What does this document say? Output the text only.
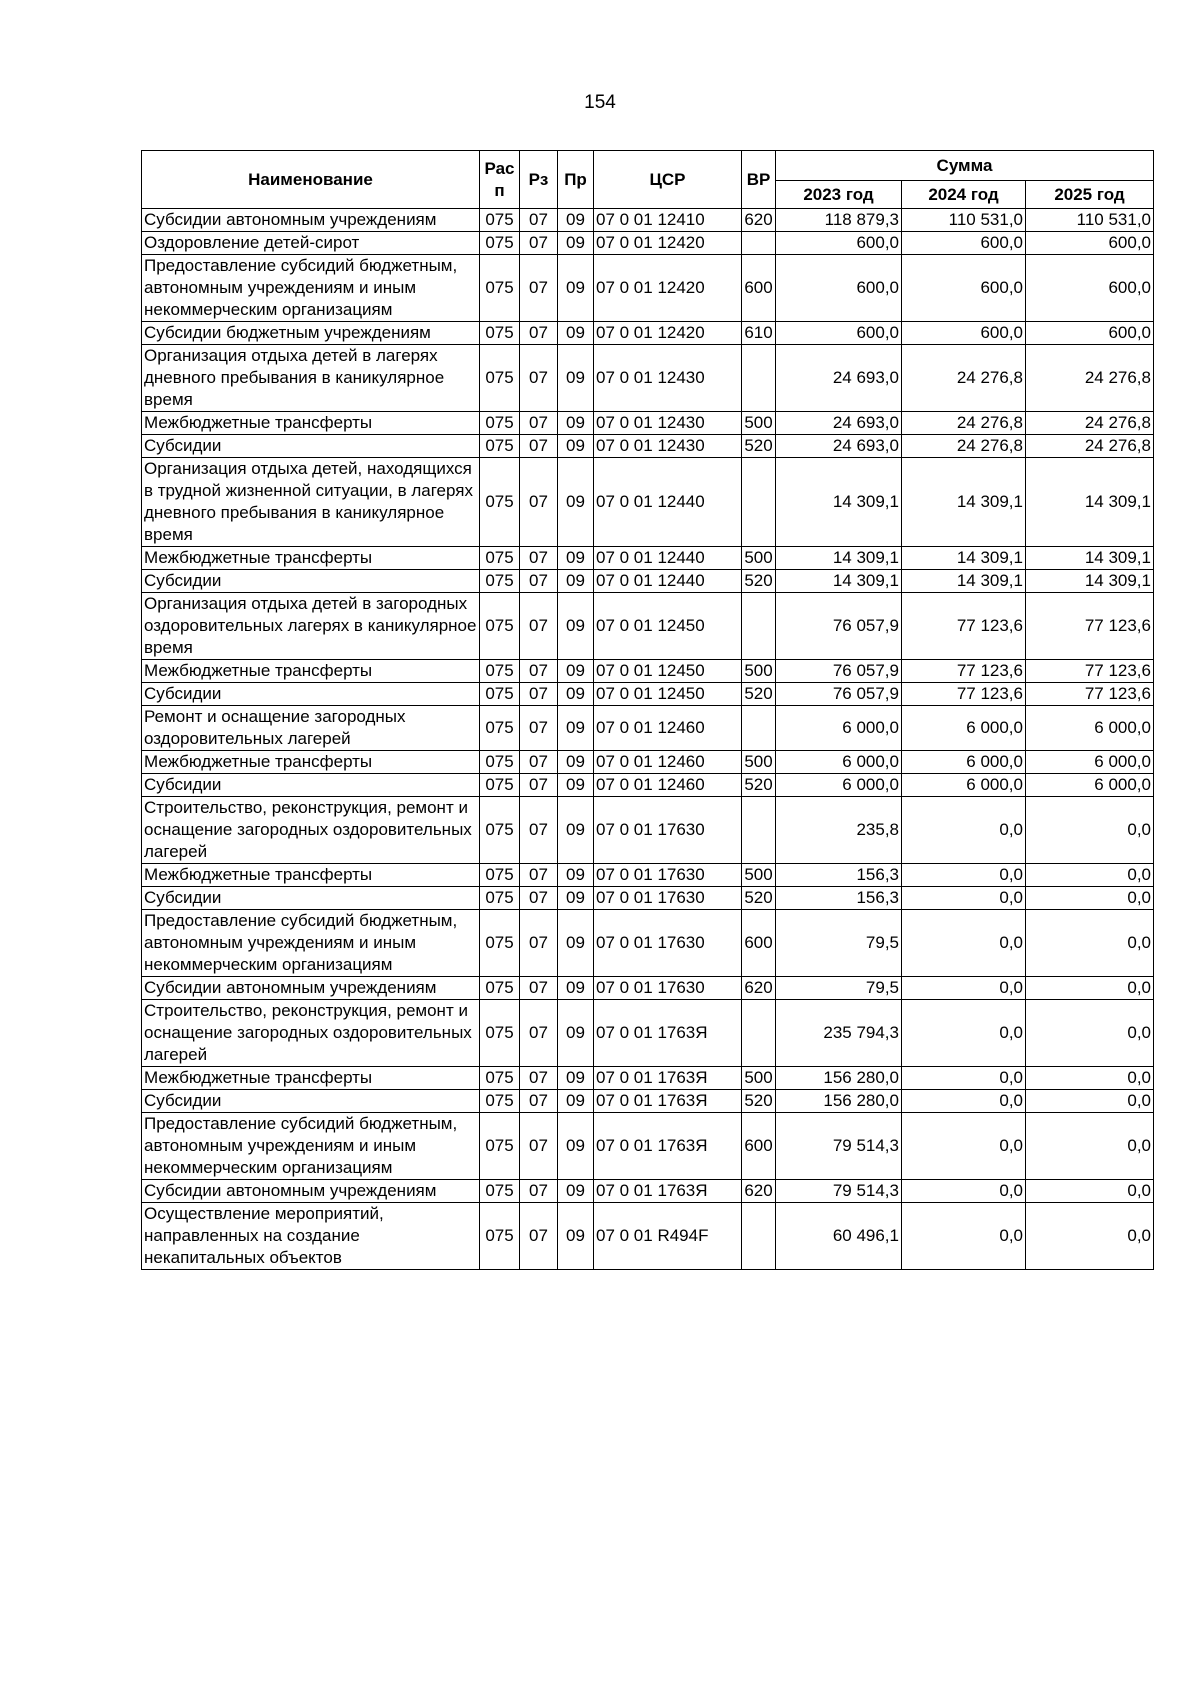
154
Наименование	Рас п	Рз	Пр	ЦСР	ВР	Сумма		
						2023 год	2024 год	2025 год
Субсидии автономным учреждениям	075	07	09	07 0 01 12410	620	118 879,3	110 531,0	110 531,0
Оздоровление детей-сирот	075	07	09	07 0 01 12420		600,0	600,0	600,0
Предоставление субсидий бюджетным, автономным учреждениям и иным некоммерческим организациям	075	07	09	07 0 01 12420	600	600,0	600,0	600,0
Субсидии бюджетным учреждениям	075	07	09	07 0 01 12420	610	600,0	600,0	600,0
Организация отдыха детей в лагерях дневного пребывания в каникулярное время	075	07	09	07 0 01 12430		24 693,0	24 276,8	24 276,8
Межбюджетные трансферты	075	07	09	07 0 01 12430	500	24 693,0	24 276,8	24 276,8
Субсидии	075	07	09	07 0 01 12430	520	24 693,0	24 276,8	24 276,8
Организация отдыха детей, находящихся в трудной жизненной ситуации, в лагерях дневного пребывания в каникулярное время	075	07	09	07 0 01 12440		14 309,1	14 309,1	14 309,1
Межбюджетные трансферты	075	07	09	07 0 01 12440	500	14 309,1	14 309,1	14 309,1
Субсидии	075	07	09	07 0 01 12440	520	14 309,1	14 309,1	14 309,1
Организация отдыха детей в загородных оздоровительных лагерях в каникулярное время	075	07	09	07 0 01 12450		76 057,9	77 123,6	77 123,6
Межбюджетные трансферты	075	07	09	07 0 01 12450	500	76 057,9	77 123,6	77 123,6
Субсидии	075	07	09	07 0 01 12450	520	76 057,9	77 123,6	77 123,6
Ремонт и оснащение загородных оздоровительных лагерей	075	07	09	07 0 01 12460		6 000,0	6 000,0	6 000,0
Межбюджетные трансферты	075	07	09	07 0 01 12460	500	6 000,0	6 000,0	6 000,0
Субсидии	075	07	09	07 0 01 12460	520	6 000,0	6 000,0	6 000,0
Строительство, реконструкция, ремонт и оснащение загородных оздоровительных лагерей	075	07	09	07 0 01 17630		235,8	0,0	0,0
Межбюджетные трансферты	075	07	09	07 0 01 17630	500	156,3	0,0	0,0
Субсидии	075	07	09	07 0 01 17630	520	156,3	0,0	0,0
Предоставление субсидий бюджетным, автономным учреждениям и иным некоммерческим организациям	075	07	09	07 0 01 17630	600	79,5	0,0	0,0
Субсидии автономным учреждениям	075	07	09	07 0 01 17630	620	79,5	0,0	0,0
Строительство, реконструкция, ремонт и оснащение загородных оздоровительных лагерей	075	07	09	07 0 01 1763Я		235 794,3	0,0	0,0
Межбюджетные трансферты	075	07	09	07 0 01 1763Я	500	156 280,0	0,0	0,0
Субсидии	075	07	09	07 0 01 1763Я	520	156 280,0	0,0	0,0
Предоставление субсидий бюджетным, автономным учреждениям и иным некоммерческим организациям	075	07	09	07 0 01 1763Я	600	79 514,3	0,0	0,0
Субсидии автономным учреждениям	075	07	09	07 0 01 1763Я	620	79 514,3	0,0	0,0
Осуществление мероприятий, направленных на создание некапитальных объектов	075	07	09	07 0 01 R494F		60 496,1	0,0	0,0
